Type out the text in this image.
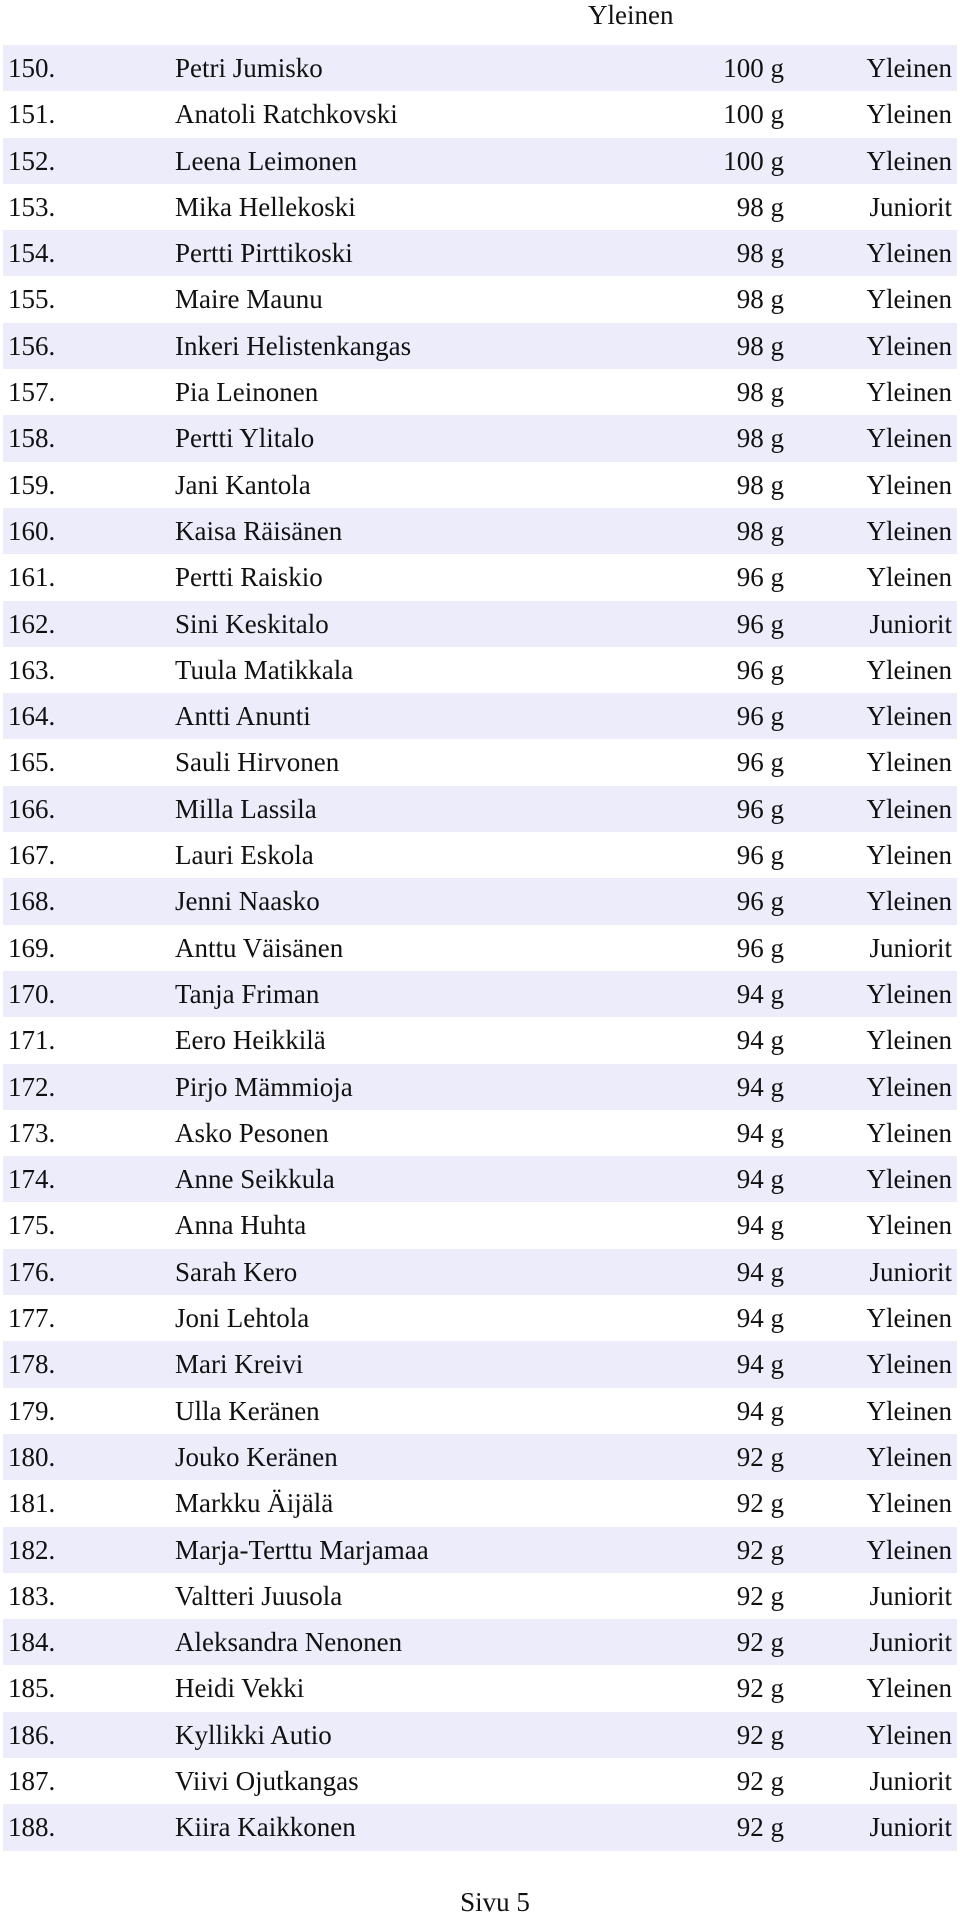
Yleinen
150.	Petri Jumisko	100 g	Yleinen
151.	Anatoli Ratchkovski	100 g	Yleinen
152.	Leena Leimonen	100 g	Yleinen
153.	Mika Hellekoski	98 g	Juniorit
154.	Pertti Pirttikoski	98 g	Yleinen
155.	Maire Maunu	98 g	Yleinen
156.	Inkeri Helistenkangas	98 g	Yleinen
157.	Pia Leinonen	98 g	Yleinen
158.	Pertti Ylitalo	98 g	Yleinen
159.	Jani Kantola	98 g	Yleinen
160.	Kaisa Räisänen	98 g	Yleinen
161.	Pertti Raiskio	96 g	Yleinen
162.	Sini Keskitalo	96 g	Juniorit
163.	Tuula Matikkala	96 g	Yleinen
164.	Antti Anunti	96 g	Yleinen
165.	Sauli Hirvonen	96 g	Yleinen
166.	Milla Lassila	96 g	Yleinen
167.	Lauri Eskola	96 g	Yleinen
168.	Jenni Naasko	96 g	Yleinen
169.	Anttu Väisänen	96 g	Juniorit
170.	Tanja Friman	94 g	Yleinen
171.	Eero Heikkilä	94 g	Yleinen
172.	Pirjo Mämmioja	94 g	Yleinen
173.	Asko Pesonen	94 g	Yleinen
174.	Anne Seikkula	94 g	Yleinen
175.	Anna Huhta	94 g	Yleinen
176.	Sarah Kero	94 g	Juniorit
177.	Joni Lehtola	94 g	Yleinen
178.	Mari Kreivi	94 g	Yleinen
179.	Ulla Keränen	94 g	Yleinen
180.	Jouko Keränen	92 g	Yleinen
181.	Markku Äijälä	92 g	Yleinen
182.	Marja-Terttu Marjamaa	92 g	Yleinen
183.	Valtteri Juusola	92 g	Juniorit
184.	Aleksandra Nenonen	92 g	Juniorit
185.	Heidi Vekki	92 g	Yleinen
186.	Kyllikki Autio	92 g	Yleinen
187.	Viivi Ojutkangas	92 g	Juniorit
188.	Kiira Kaikkonen	92 g	Juniorit
Sivu 5
